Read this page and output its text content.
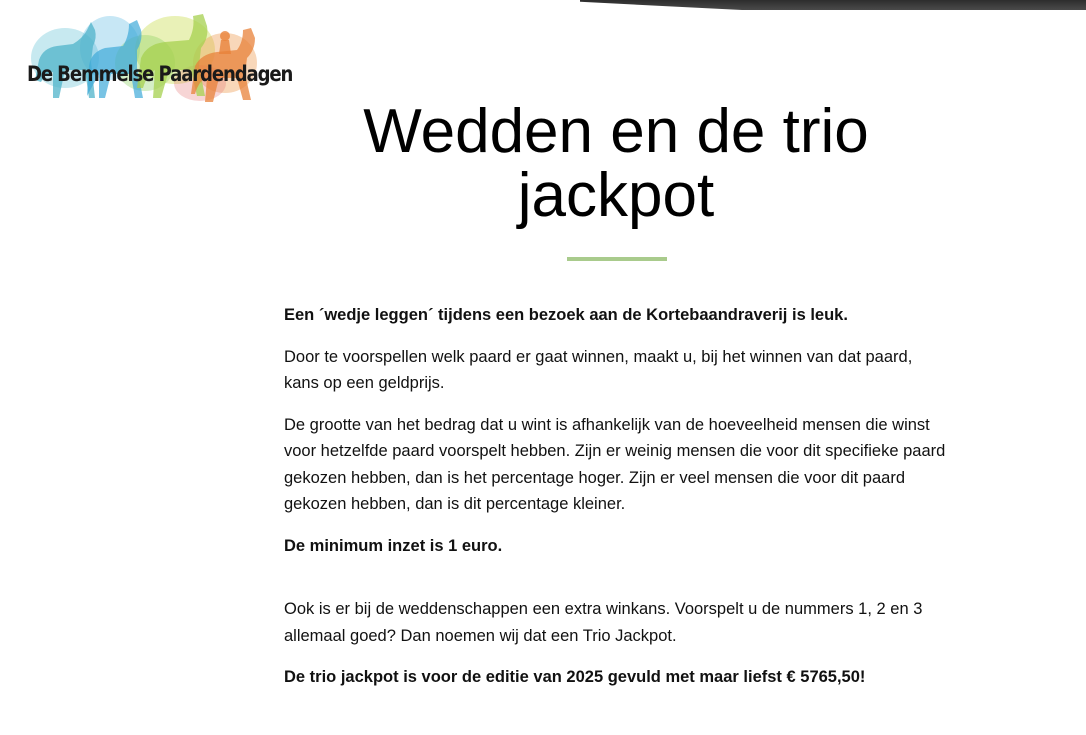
De Bemmelse Paardendagen
Wedden en de trio jackpot

Een ´wedje leggen´ tijdens een bezoek aan de Kortebaandraverij is leuk.

Door te voorspellen welk paard er gaat winnen, maakt u, bij het winnen van dat paard, kans op een geldprijs.

De grootte van het bedrag dat u wint is afhankelijk van de hoeveelheid mensen die winst voor hetzelfde paard voorspelt hebben. Zijn er weinig mensen die voor dit specifieke paard gekozen hebben, dan is het percentage hoger. Zijn er veel mensen die voor dit paard gekozen hebben, dan is dit percentage kleiner.

De minimum inzet is 1 euro.

Ook is er bij de weddenschappen een extra winkans. Voorspelt u de nummers 1, 2 en 3 allemaal goed? Dan noemen wij dat een Trio Jackpot.

De trio jackpot is voor de editie van 2025 gevuld met maar liefst € 5765,50!
